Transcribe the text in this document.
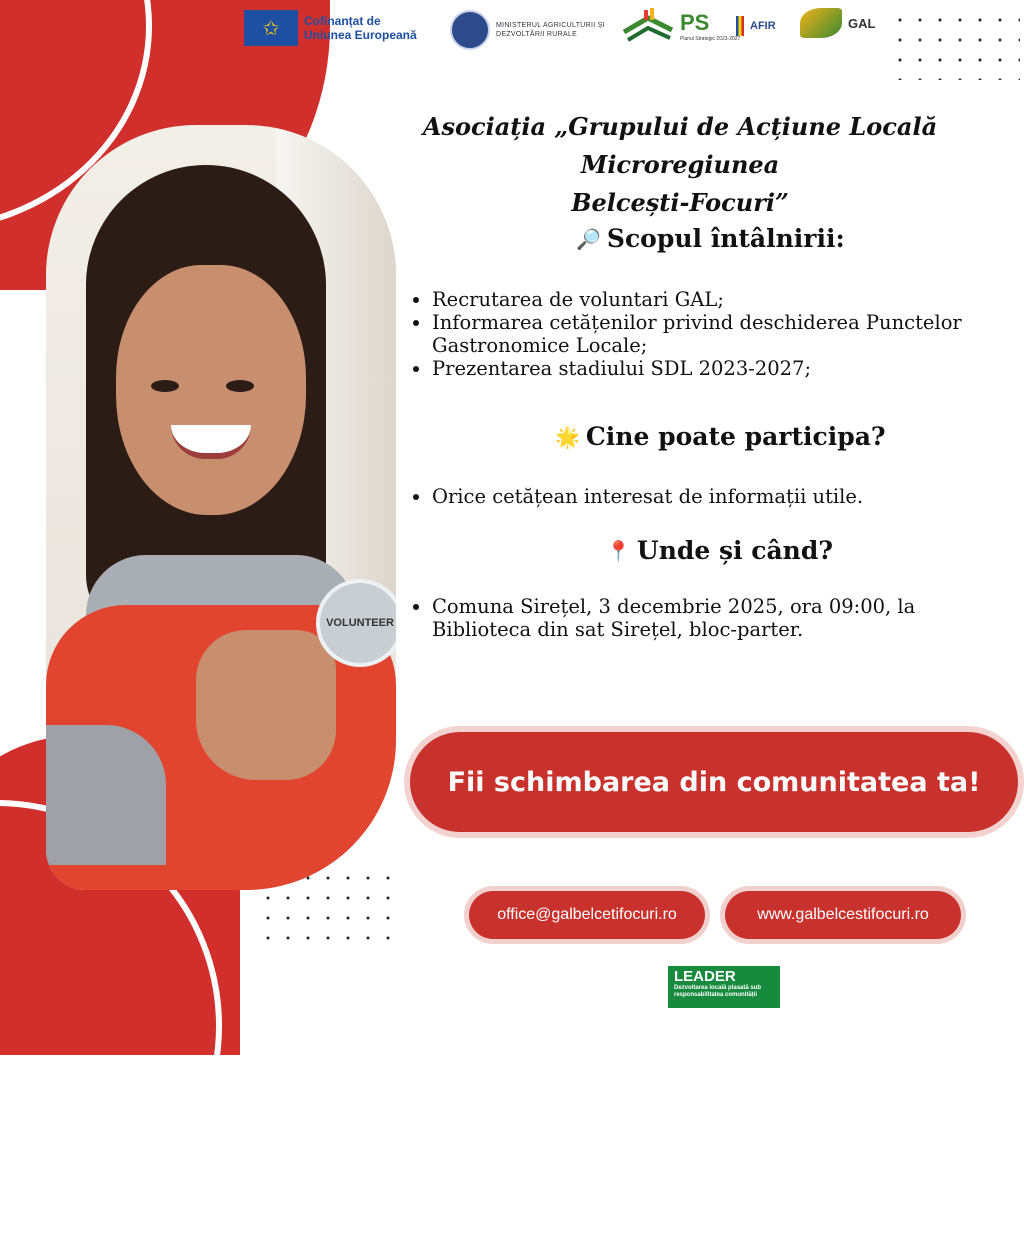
✩	Cofinanțat de
Uniunea Europeană
MINISTERUL AGRICULTURII ȘI
DEZVOLTĂRII RURALE	PS
Planul Strategic 2023-2027
AFIR	GAL
VOLUNTEER
Asociația „Grupului de Acțiune Locală Microregiunea
Belcești-Focuri”
🔎 Scopul întâlnirii:
• Recrutarea de voluntari GAL;
• Informarea cetățenilor privind deschiderea Punctelor Gastronomice Locale;
• Prezentarea stadiului SDL 2023-2027;
🌟 Cine poate participa?
• Orice cetățean interesat de informații utile.
📍 Unde și când?
• Comuna Sirețel, 3 decembrie 2025, ora 09:00, la Biblioteca din sat Sirețel, bloc-parter.
Fii schimbarea din comunitatea ta!
office@galbelcetifocuri.ro	www.galbelcestifocuri.ro
LEADER
Dezvoltarea locală plasată sub responsabilitatea comunității
